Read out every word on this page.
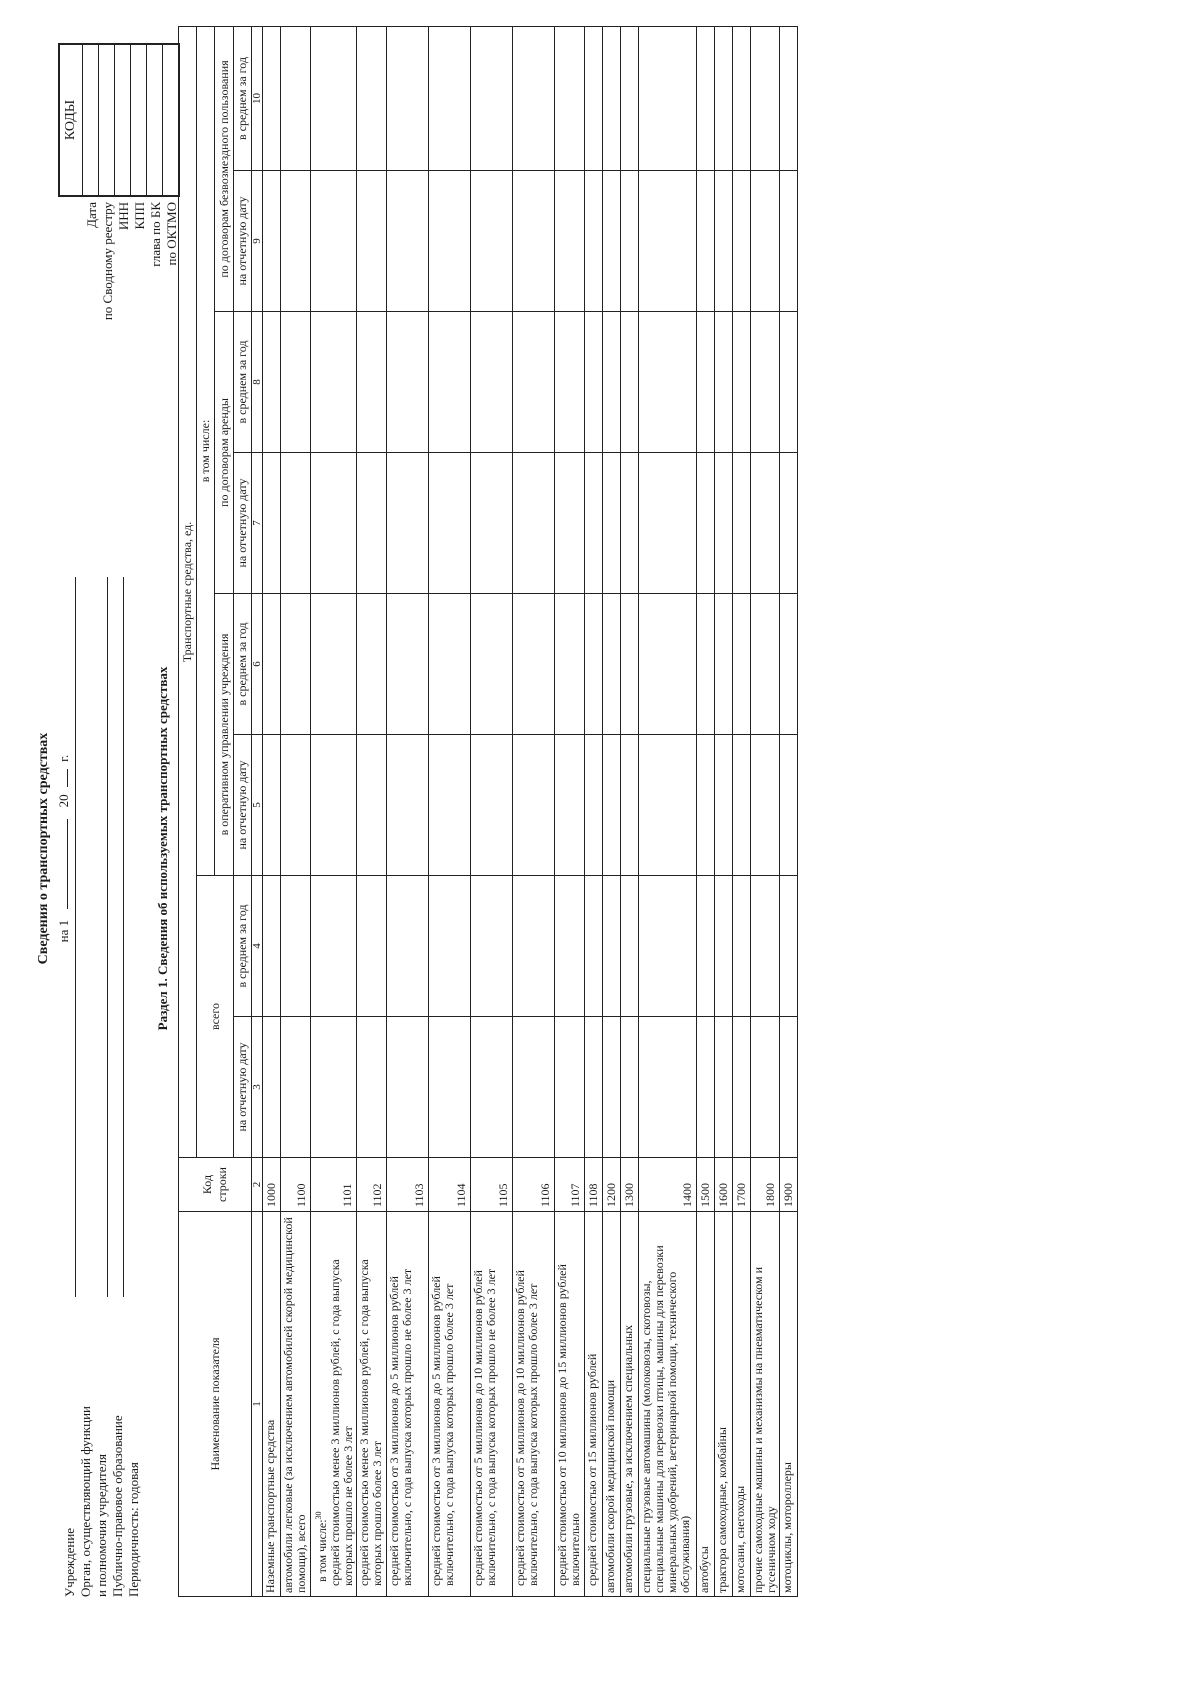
Сведения о транспортных средствах на 1  20  г.
Учреждение Орган, осуществляющий функции и полномочия учредителя Публично-правовое образование Периодичность: годовая
Дата по Сводному реестру ИНН КПП глава по БК по ОКТМО
КОДЫ
Раздел 1. Сведения об используемых транспортных средствах
Наименование показателя	Код строки	Транспортные средства, ед.							
		всего		в том числе:					
				в оперативном управлении учреждения		по договорам аренды		по договорам безвозмездного пользования	
		на отчетную дату	в среднем за год	на отчетную дату	в среднем за год	на отчетную дату	в среднем за год	на отчетную дату	в среднем за год
1	2	3	4	5	6	7	8	9	10
Наземные транспортные средства	1000								
автомобили легковые (за исключением автомобилей скорой медицинской помощи), всего	1100								

в том числе:$^{30}$ средней стоимостью менее 3 миллионов рублей, с года выпуска которых прошло не более 3 лет	1101								
средней стоимостью менее 3 миллионов рублей, с года выпуска которых прошло более 3 лет	1102								
средней стоимостью от 3 миллионов до 5 миллионов рублей включительно, с года выпуска которых прошло не более 3 лет	1103								
средней стоимостью от 3 миллионов до 5 миллионов рублей включительно, с года выпуска которых прошло более 3 лет	1104								
средней стоимостью от 5 миллионов до 10 миллионов рублей включительно, с года выпуска которых прошло не более 3 лет	1105								
средней стоимостью от 5 миллионов до 10 миллионов рублей включительно, с года выпуска которых прошло более 3 лет	1106								
средней стоимостью от 10 миллионов до 15 миллионов рублей включительно	1107								
средней стоимостью от 15 миллионов рублей	1108								
автомобили скорой медицинской помощи	1200								
автомобили грузовые, за исключением специальных	1300								
специальные грузовые автомашины (молоковозы, скотовозы, специальные машины для перевозки птицы, машины для перевозки минеральных удобрений, ветеринарной помощи, технического обслуживания)	1400								
автобусы	1500								
трактора самоходные, комбайны	1600								
мотосани, снегоходы	1700								
прочие самоходные машины и механизмы на пневматическом и гусеничном ходу	1800								
мотоциклы, мотороллеры	1900								
